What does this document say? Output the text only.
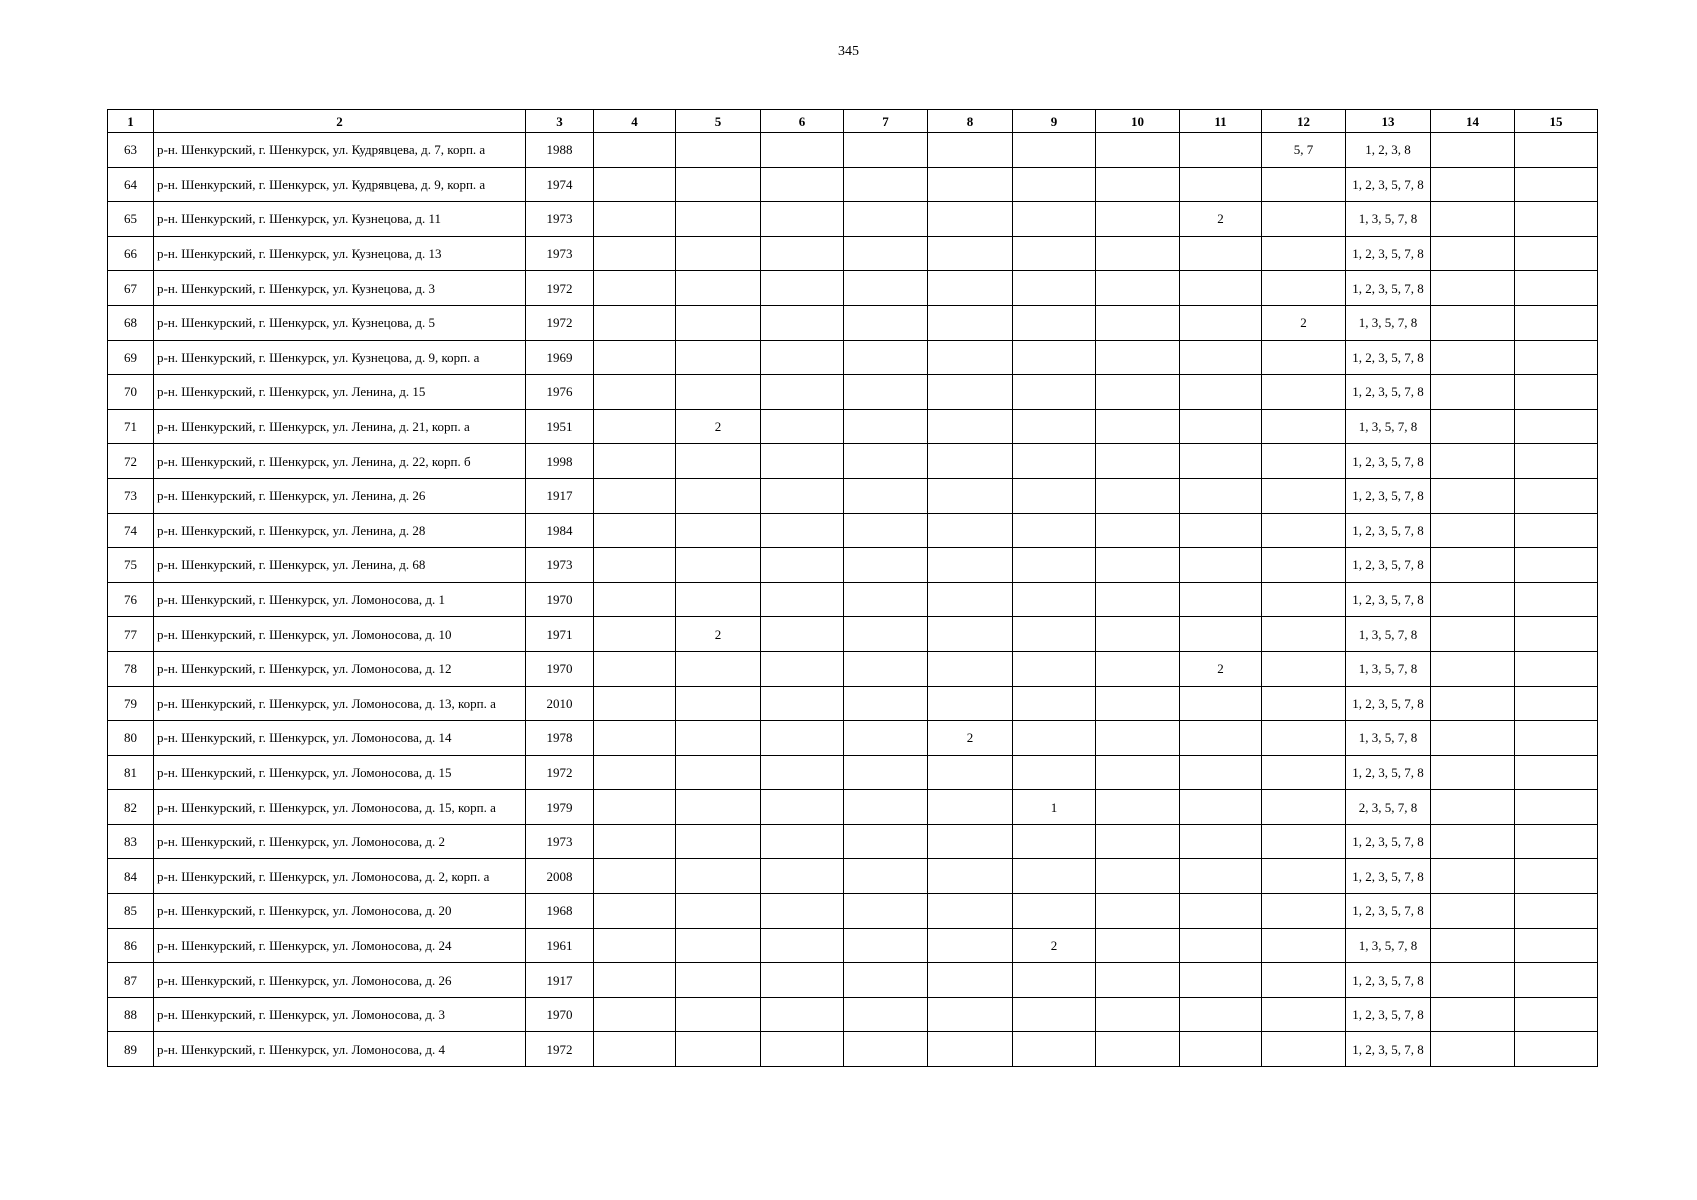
345
1	2	3	4	5	6	7	8	9	10	11	12	13	14	15
63	р-н. Шенкурский, г. Шенкурск, ул. Кудрявцева, д. 7, корп. а	1988									5, 7	1, 2, 3, 8		
64	р-н. Шенкурский, г. Шенкурск, ул. Кудрявцева, д. 9, корп. а	1974										1, 2, 3, 5, 7, 8		
65	р-н. Шенкурский, г. Шенкурск, ул. Кузнецова, д. 11	1973								2		1, 3, 5, 7, 8		
66	р-н. Шенкурский, г. Шенкурск, ул. Кузнецова, д. 13	1973										1, 2, 3, 5, 7, 8		
67	р-н. Шенкурский, г. Шенкурск, ул. Кузнецова, д. 3	1972										1, 2, 3, 5, 7, 8		
68	р-н. Шенкурский, г. Шенкурск, ул. Кузнецова, д. 5	1972									2	1, 3, 5, 7, 8		
69	р-н. Шенкурский, г. Шенкурск, ул. Кузнецова, д. 9, корп. а	1969										1, 2, 3, 5, 7, 8		
70	р-н. Шенкурский, г. Шенкурск, ул. Ленина, д. 15	1976										1, 2, 3, 5, 7, 8		
71	р-н. Шенкурский, г. Шенкурск, ул. Ленина, д. 21, корп. а	1951		2								1, 3, 5, 7, 8		
72	р-н. Шенкурский, г. Шенкурск, ул. Ленина, д. 22, корп. б	1998										1, 2, 3, 5, 7, 8		
73	р-н. Шенкурский, г. Шенкурск, ул. Ленина, д. 26	1917										1, 2, 3, 5, 7, 8		
74	р-н. Шенкурский, г. Шенкурск, ул. Ленина, д. 28	1984										1, 2, 3, 5, 7, 8		
75	р-н. Шенкурский, г. Шенкурск, ул. Ленина, д. 68	1973										1, 2, 3, 5, 7, 8		
76	р-н. Шенкурский, г. Шенкурск, ул. Ломоносова, д. 1	1970										1, 2, 3, 5, 7, 8		
77	р-н. Шенкурский, г. Шенкурск, ул. Ломоносова, д. 10	1971		2								1, 3, 5, 7, 8		
78	р-н. Шенкурский, г. Шенкурск, ул. Ломоносова, д. 12	1970								2		1, 3, 5, 7, 8		
79	р-н. Шенкурский, г. Шенкурск, ул. Ломоносова, д. 13, корп. а	2010										1, 2, 3, 5, 7, 8		
80	р-н. Шенкурский, г. Шенкурск, ул. Ломоносова, д. 14	1978					2					1, 3, 5, 7, 8		
81	р-н. Шенкурский, г. Шенкурск, ул. Ломоносова, д. 15	1972										1, 2, 3, 5, 7, 8		
82	р-н. Шенкурский, г. Шенкурск, ул. Ломоносова, д. 15, корп. а	1979						1				2, 3, 5, 7, 8		
83	р-н. Шенкурский, г. Шенкурск, ул. Ломоносова, д. 2	1973										1, 2, 3, 5, 7, 8		
84	р-н. Шенкурский, г. Шенкурск, ул. Ломоносова, д. 2, корп. а	2008										1, 2, 3, 5, 7, 8		
85	р-н. Шенкурский, г. Шенкурск, ул. Ломоносова, д. 20	1968										1, 2, 3, 5, 7, 8		
86	р-н. Шенкурский, г. Шенкурск, ул. Ломоносова, д. 24	1961						2				1, 3, 5, 7, 8		
87	р-н. Шенкурский, г. Шенкурск, ул. Ломоносова, д. 26	1917										1, 2, 3, 5, 7, 8		
88	р-н. Шенкурский, г. Шенкурск, ул. Ломоносова, д. 3	1970										1, 2, 3, 5, 7, 8		
89	р-н. Шенкурский, г. Шенкурск, ул. Ломоносова, д. 4	1972										1, 2, 3, 5, 7, 8		
